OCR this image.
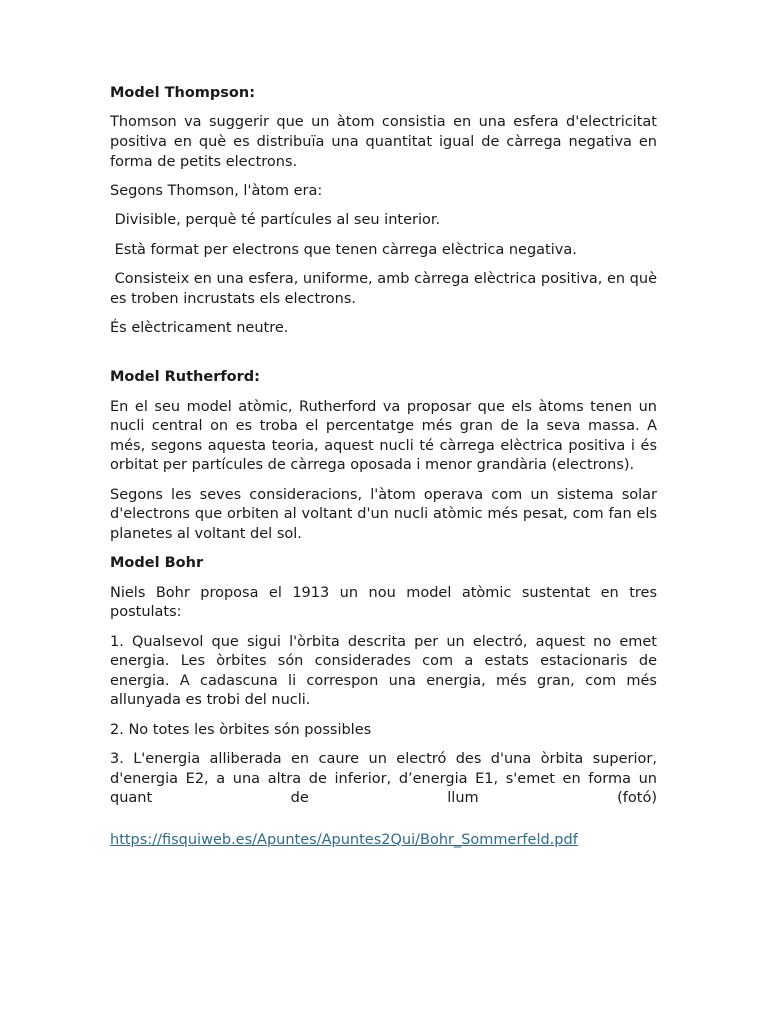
Model Thompson:
Thomson va suggerir que un àtom consistia en una esfera d'electricitat positiva en què es distribuïa una quantitat igual de càrrega negativa en forma de petits electrons.
Segons Thomson, l'àtom era:
Divisible, perquè té partícules al seu interior.
Està format per electrons que tenen càrrega elèctrica negativa.
Consisteix en una esfera, uniforme, amb càrrega elèctrica positiva, en què es troben incrustats els electrons.
És elèctricament neutre.
Model Rutherford:
En el seu model atòmic, Rutherford va proposar que els àtoms tenen un nucli central on es troba el percentatge més gran de la seva massa. A més, segons aquesta teoria, aquest nucli té càrrega elèctrica positiva i és orbitat per partícules de càrrega oposada i menor grandària (electrons).
Segons les seves consideracions, l'àtom operava com un sistema solar d'electrons que orbiten al voltant d'un nucli atòmic més pesat, com fan els planetes al voltant del sol.
Model Bohr
Niels Bohr proposa el 1913 un nou model atòmic sustentat en tres postulats:
1. Qualsevol que sigui l'òrbita descrita per un electró, aquest no emet energia. Les òrbites són considerades com a estats estacionaris de energia. A cadascuna li correspon una energia, més gran, com més allunyada es trobi del nucli.
2. No totes les òrbites són possibles
3. L'energia alliberada en caure un electró des d'una òrbita superior, d'energia E2, a una altra de inferior, d’energia E1, s'emet en forma un quant de llum (fotó)
https://fisquiweb.es/Apuntes/Apuntes2Qui/Bohr_Sommerfeld.pdf
